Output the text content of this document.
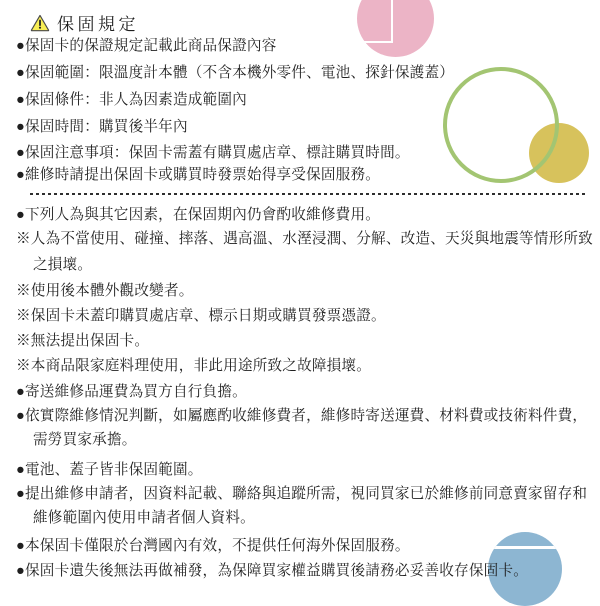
保固規定
●保固卡的保證規定記載此商品保證內容
●保固範圍：限溫度計本體（不含本機外零件、電池、探針保護蓋）
●保固條件：非人為因素造成範圍內
●保固時間：購買後半年內
●保固注意事項：保固卡需蓋有購買處店章、標註購買時間。
●維修時請提出保固卡或購買時發票始得享受保固服務。
●下列人為與其它因素，在保固期內仍會酌收維修費用。
※人為不當使用、碰撞、摔落、遇高溫、水溼浸潤、分解、改造、天災與地震等情形所致
之損壞。
※使用後本體外觀改變者。
※保固卡未蓋印購買處店章、標示日期或購買發票憑證。
※無法提出保固卡。
※本商品限家庭料理使用，非此用途所致之故障損壞。
●寄送維修品運費為買方自行負擔。
●依實際維修情況判斷，如屬應酌收維修費者，維修時寄送運費、材料費或技術料件費，
需勞買家承擔。
●電池、蓋子皆非保固範圍。
●提出維修申請者，因資料記載、聯絡與追蹤所需，視同買家已於維修前同意賣家留存和
維修範圍內使用申請者個人資料。
●本保固卡僅限於台灣國內有效，不提供任何海外保固服務。
●保固卡遺失後無法再做補發，為保障買家權益購買後請務必妥善收存保固卡。
